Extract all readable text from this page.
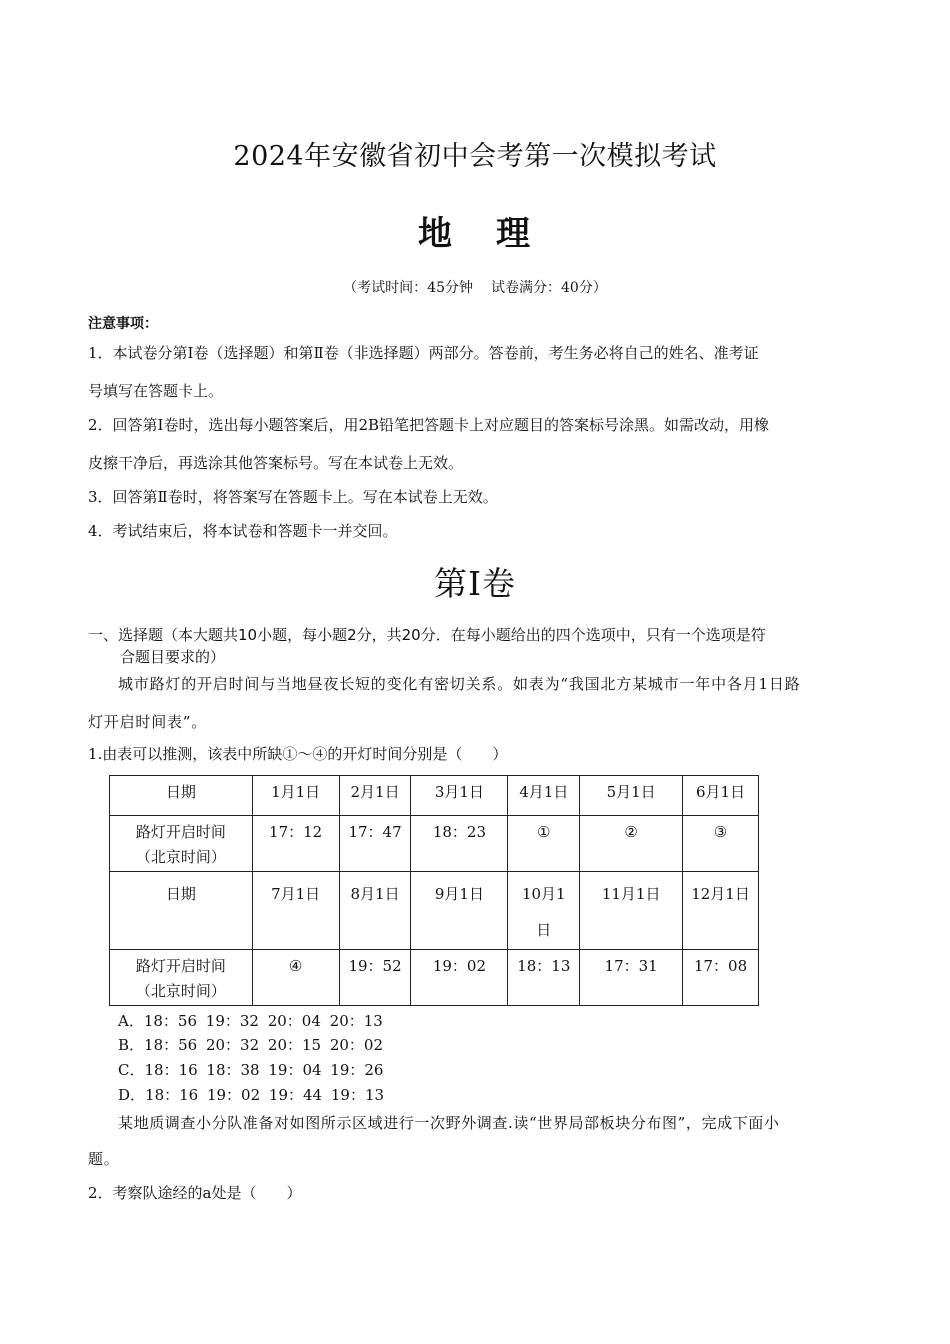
2024年安徽省初中会考第一次模拟考试
地 理
（考试时间：45分钟 试卷满分：40分）
注意事项：
1．本试卷分第Ⅰ卷（选择题）和第Ⅱ卷（非选择题）两部分。答卷前，考生务必将自己的姓名、准考证
号填写在答题卡上。
2．回答第Ⅰ卷时，选出每小题答案后，用2B铅笔把答题卡上对应题目的答案标号涂黑。如需改动，用橡
皮擦干净后，再选涂其他答案标号。写在本试卷上无效。
3．回答第Ⅱ卷时，将答案写在答题卡上。写在本试卷上无效。
4．考试结束后，将本试卷和答题卡一并交回。
第Ⅰ卷
一、选择题（本大题共10小题，每小题2分，共20分．在每小题给出的四个选项中，只有一个选项是符
合题目要求的）
城市路灯的开启时间与当地昼夜长短的变化有密切关系。如表为“我国北方某城市一年中各月1日路
灯开启时间表”。
1.由表可以推测，该表中所缺①～④的开灯时间分别是（　　）
日期	1月1日	2月1日	3月1日	4月1日	5月1日	6月1日

路灯开启时间
（北京时间）	17：12	17：47	18：23	①	②	③
日期	7月1日	8月1日	9月1日	10月1
日	11月1日	12月1日

路灯开启时间
（北京时间）	④	19：52	19：02	18：13	17：31	17：08
A．18：56 19：32 20：04 20：13
B．18：56 20：32 20：15 20：02
C．18：16 18：38 19：04 19：26
D．18：16 19：02 19：44 19：13
某地质调查小分队准备对如图所示区域进行一次野外调查.读“世界局部板块分布图”，完成下面小
题。
2．考察队途经的a处是（　　）
